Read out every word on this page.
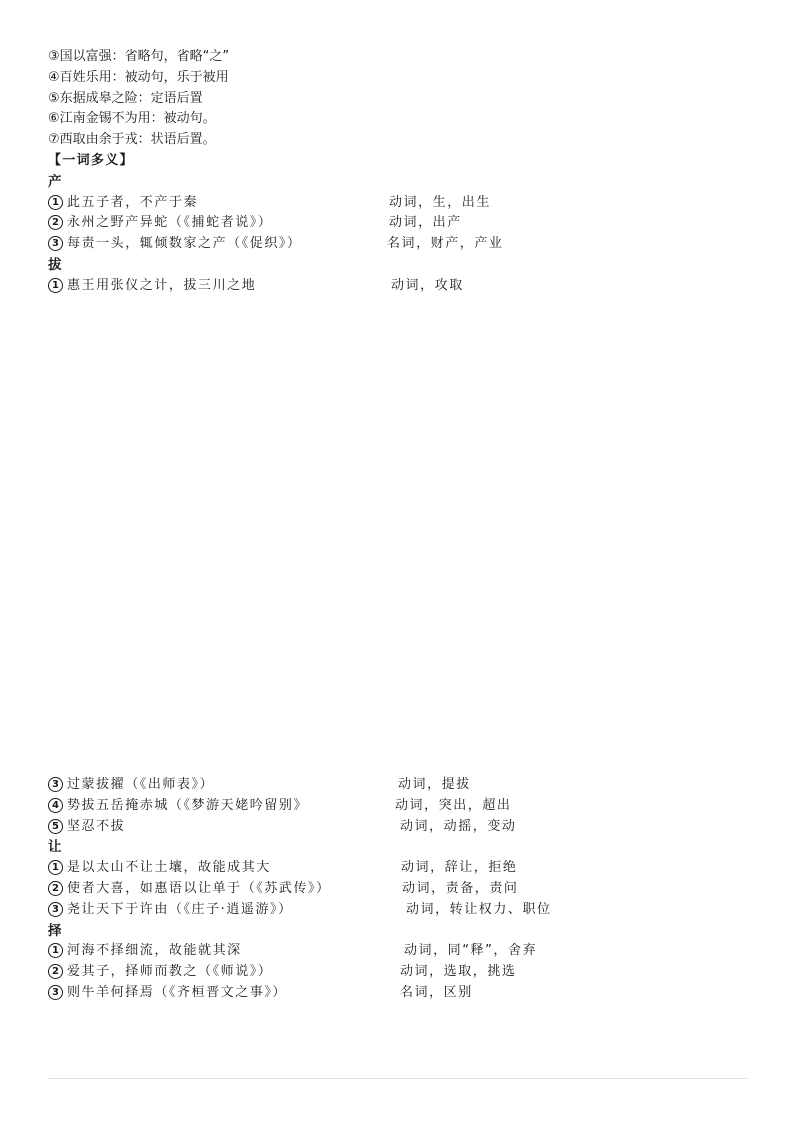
③国以富强：省略句，省略“之”
④百姓乐用：被动句，乐于被用
⑤东据成皋之险：定语后置
⑥江南金锡不为用：被动句。
⑦西取由余于戎：状语后置。
【一词多义】
产
1 此五子者，不产于秦	动词，生，出生
2 永州之野产异蛇（《捕蛇者说》）	动词，出产
3 每责一头，辄倾数家之产（《促织》）	名词，财产，产业
拔
1 惠王用张仪之计，拔三川之地	动词，攻取
3 过蒙拔擢（《出师表》）	动词，提拔
4 势拔五岳掩赤城（《梦游天姥吟留别》	动词，突出，超出
5 坚忍不拔	动词，动摇，变动
让
1 是以太山不让土壤，故能成其大	动词，辞让，拒绝
2 使者大喜，如惠语以让单于（《苏武传》）	动词，责备，责问
3 尧让天下于许由（《庄子·逍遥游》）	动词，转让权力、职位
择
1 河海不择细流，故能就其深	动词，同“释”，舍弃
2 爱其子，择师而教之（《师说》）	动词，选取，挑选
3 则牛羊何择焉（《齐桓晋文之事》）	名词，区别
